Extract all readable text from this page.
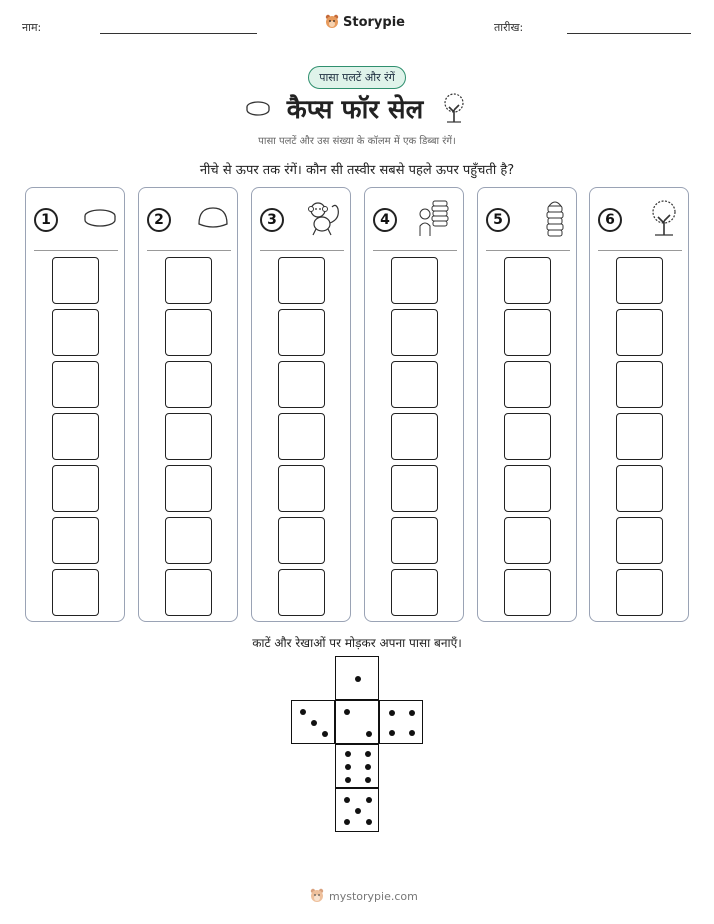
नाम:	Storypie	तारीख:
पासा पलटें और रंगें
कैप्स फॉर सेल
पासा पलटें और उस संख्या के कॉलम में एक डिब्बा रंगें।
नीचे से ऊपर तक रंगें। कौन सी तस्वीर सबसे पहले ऊपर पहुँचती है?
1	2	3	4	5	6
काटें और रेखाओं पर मोड़कर अपना पासा बनाएँ।
mystorypie.com
